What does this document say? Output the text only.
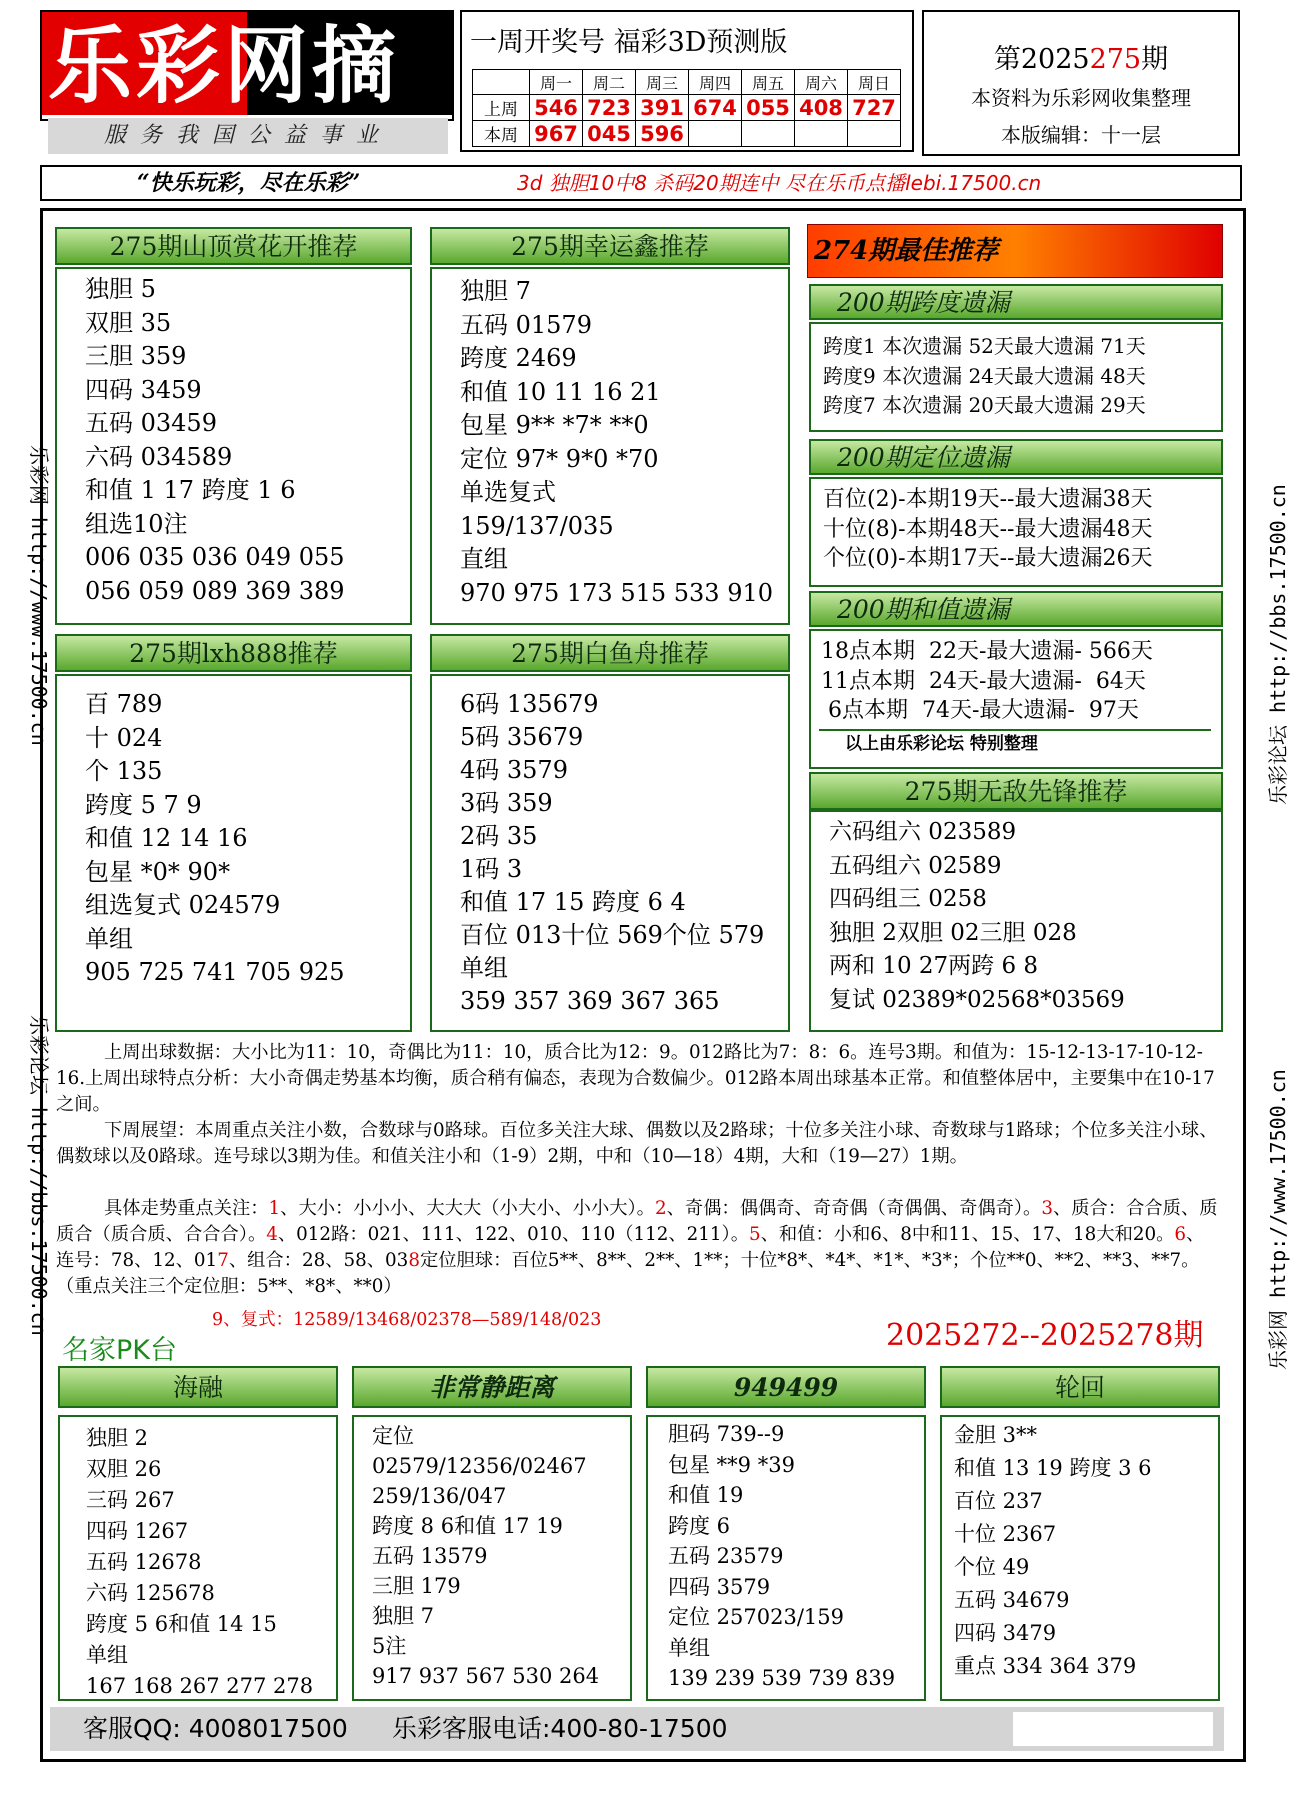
乐彩网摘
服务我国公益事业
一周开奖号 福彩3D预测版
	周一	周二	周三	周四	周五	周六	周日
上周	546	723	391	674	055	408	727
本周	967	045	596				
第2025275期
本资料为乐彩网收集整理
本版编辑：十一层
“快乐玩彩，尽在乐彩”	3d 独胆10中8 杀码20期连中 尽在乐币点播lebi.17500.cn
乐彩网 http://www.17500.cn
乐彩论坛 http://bbs.17500.cn
乐彩论坛 http://bbs.17500.cn
乐彩网 http://www.17500.cn
275期山顶赏花开推荐
独胆 5
双胆 35
三胆 359
四码 3459
五码 03459
六码 034589
和值 1 17 跨度 1 6
组选10注
006 035 036 049 055
056 059 089 369 389
275期幸运鑫推荐
独胆 7
五码 01579
跨度 2469
和值 10 11 16 21
包星 9** *7* **0
定位 97* 9*0 *70
单选复式
159/137/035
直组
970 975 173 515 533 910
275期lxh888推荐
百 789
十 024
个 135
跨度 5 7 9
和值 12 14 16
包星 *0* 90*
组选复式 024579
单组
905 725 741 705 925
275期白鱼舟推荐
6码 135679
5码 35679
4码 3579
3码 359
2码 35
1码 3
和值 17 15 跨度 6 4
百位 013十位 569个位 579
单组
359 357 369 367 365
274期最佳推荐
200期跨度遗漏
跨度1 本次遗漏 52天最大遗漏 71天
跨度9 本次遗漏 24天最大遗漏 48天
跨度7 本次遗漏 20天最大遗漏 29天
200期定位遗漏
百位(2)-本期19天--最大遗漏38天
十位(8)-本期48天--最大遗漏48天
个位(0)-本期17天--最大遗漏26天
200期和值遗漏
18点本期  22天-最大遗漏- 566天
11点本期  24天-最大遗漏-  64天
6点本期  74天-最大遗漏-  97天
以上由乐彩论坛 特别整理
275期无敌先锋推荐
六码组六 023589
五码组六 02589
四码组三 0258
独胆 2双胆 02三胆 028
两和 10 27两跨 6 8
复试 02389*02568*03569
上周出球数据：大小比为11：10，奇偶比为11：10，质合比为12：9。012路比为7：8：6。连号3期。和值为：15-12-13-17-10-12-16.上周出球特点分析：大小奇偶走势基本均衡，质合稍有偏态，表现为合数偏少。012路本周出球基本正常。和值整体居中，主要集中在10-17之间。
下周展望：本周重点关注小数，合数球与0路球。百位多关注大球、偶数以及2路球；十位多关注小球、奇数球与1路球；个位多关注小球、偶数球以及0路球。连号球以3期为佳。和值关注小和（1-9）2期，中和（10—18）4期，大和（19—27）1期。
具体走势重点关注：1、大小：小小小、大大大（小大小、小小大）。2、奇偶：偶偶奇、奇奇偶（奇偶偶、奇偶奇）。3、质合：合合质、质质合（质合质、合合合）。4、012路：021、111、122、010、110（112、211）。5、和值：小和6、8中和11、15、17、18大和20。6、连号：78、12、017、组合：28、58、038定位胆球：百位5**、8**、2**、1**；十位*8*、*4*、*1*、*3*；个位**0、**2、**3、**7。（重点关注三个定位胆：5**、*8*、**0）
9、复式：12589/13468/02378—589/148/023
名家PK台	2025272--2025278期
海融
独胆 2
双胆 26
三码 267
四码 1267
五码 12678
六码 125678
跨度 5 6和值 14 15
单组
167 168 267 277 278
非常静距离
定位
02579/12356/02467
259/136/047
跨度 8 6和值 17 19
五码 13579
三胆 179
独胆 7
5注
917 937 567 530 264
949499
胆码 739--9
包星 **9 *39
和值 19
跨度 6
五码 23579
四码 3579
定位 257023/159
单组
139 239 539 739 839
轮回
金胆 3**
和值 13 19 跨度 3 6
百位 237
十位 2367
个位 49
五码 34679
四码 3479
重点 334 364 379
客服QQ: 4008017500 乐彩客服电话:400-80-17500
